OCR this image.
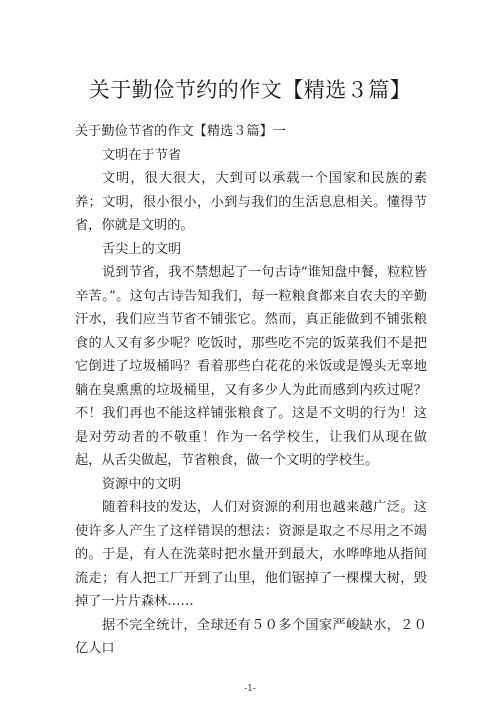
关于勤俭节约的作文【精选３篇】

关于勤俭节省的作文【精选３篇】一

文明在于节省

文明，很大很大，大到可以承载一个国家和民族的素养；文明，很小很小，小到与我们的生活息息相关。懂得节省，你就是文明的。

舌尖上的文明

说到节省，我不禁想起了一句古诗“谁知盘中餐，粒粒皆辛苦。”。这句古诗告知我们，每一粒粮食都来自农夫的辛勤汗水，我们应当节省不铺张它。然而，真正能做到不铺张粮食的人又有多少呢？吃饭时，那些吃不完的饭菜我们不是把它倒进了垃圾桶吗？看着那些白花花的米饭或是馒头无辜地躺在臭熏熏的垃圾桶里，又有多少人为此而感到内疚过呢？不！我们再也不能这样铺张粮食了。这是不文明的行为！这是对劳动者的不敬重！作为一名学校生，让我们从现在做起，从舌尖做起，节省粮食，做一个文明的学校生。

资源中的文明

随着科技的发达，人们对资源的利用也越来越广泛。这使许多人产生了这样错误的想法：资源是取之不尽用之不竭的。于是，有人在洗菜时把水量开到最大，水哗哗地从指间流走；有人把工厂开到了山里，他们锯掉了一棵棵大树，毁掉了一片片森林……

据不完全统计，全球还有５０多个国家严峻缺水，２０亿人口

-1-
